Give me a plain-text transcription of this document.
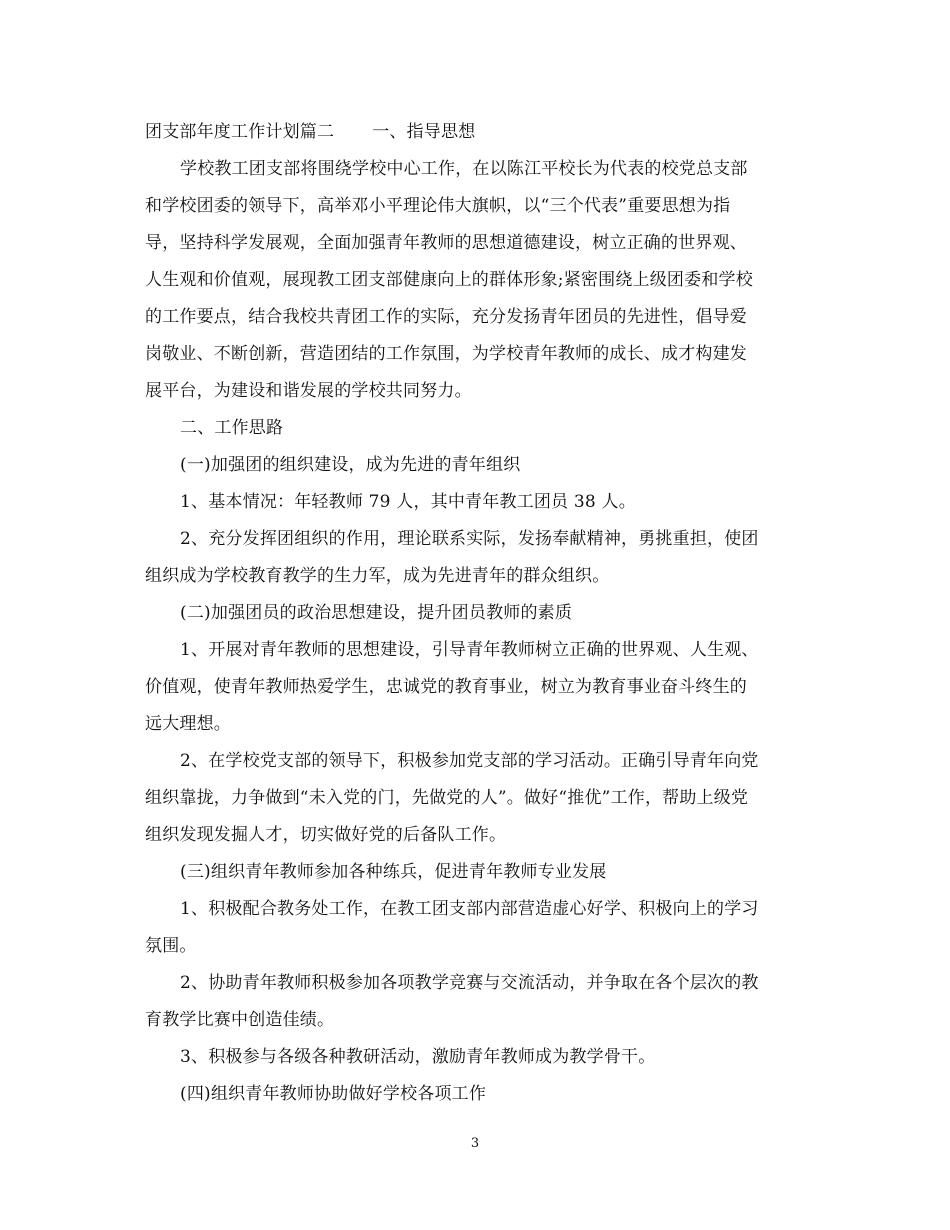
团支部年度工作计划篇二 一、指导思想
学校教工团支部将围绕学校中心工作，在以陈江平校长为代表的校党总支部
和学校团委的领导下，高举邓小平理论伟大旗帜，以“三个代表”重要思想为指
导，坚持科学发展观，全面加强青年教师的思想道德建设，树立正确的世界观、
人生观和价值观，展现教工团支部健康向上的群体形象;紧密围绕上级团委和学校
的工作要点，结合我校共青团工作的实际，充分发扬青年团员的先进性，倡导爱
岗敬业、不断创新，营造团结的工作氛围，为学校青年教师的成长、成才构建发
展平台，为建设和谐发展的学校共同努力。
二、工作思路
(一)加强团的组织建设，成为先进的青年组织
1、基本情况：年轻教师 79 人，其中青年教工团员 38 人。
2、充分发挥团组织的作用，理论联系实际，发扬奉献精神，勇挑重担，使团
组织成为学校教育教学的生力军，成为先进青年的群众组织。
(二)加强团员的政治思想建设，提升团员教师的素质
1、开展对青年教师的思想建设，引导青年教师树立正确的世界观、人生观、
价值观，使青年教师热爱学生，忠诚党的教育事业，树立为教育事业奋斗终生的
远大理想。
2、在学校党支部的领导下，积极参加党支部的学习活动。正确引导青年向党
组织靠拢，力争做到“未入党的门，先做党的人”。做好“推优”工作，帮助上级党
组织发现发掘人才，切实做好党的后备队工作。
(三)组织青年教师参加各种练兵，促进青年教师专业发展
1、积极配合教务处工作，在教工团支部内部营造虚心好学、积极向上的学习
氛围。
2、协助青年教师积极参加各项教学竞赛与交流活动，并争取在各个层次的教
育教学比赛中创造佳绩。
3、积极参与各级各种教研活动，激励青年教师成为教学骨干。
(四)组织青年教师协助做好学校各项工作
3
